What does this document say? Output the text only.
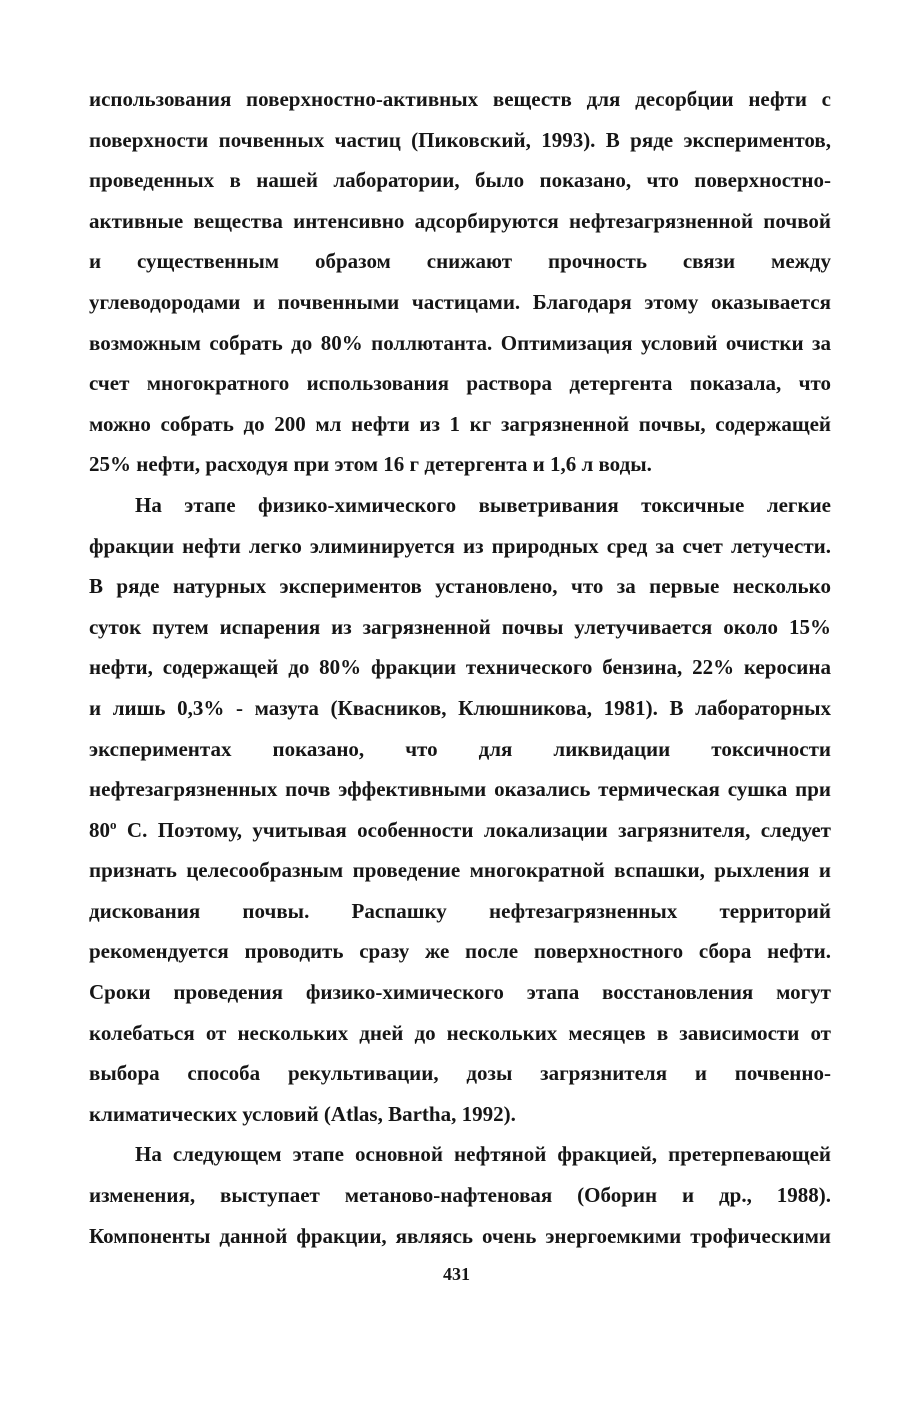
использования поверхностно-активных веществ для десорбции нефти с
поверхности почвенных частиц (Пиковский, 1993). В ряде экспериментов,
проведенных в нашей лаборатории, было показано, что поверхностно-
активные вещества интенсивно адсорбируются нефтезагрязненной почвой
и существенным образом снижают прочность связи между
углеводородами и почвенными частицами. Благодаря этому оказывается
возможным собрать до 80% поллютанта. Оптимизация условий очистки за
счет многократного использования раствора детергента показала, что
можно собрать до 200 мл нефти из 1 кг загрязненной почвы, содержащей
25% нефти, расходуя при этом 16 г детергента и 1,6 л воды.
На этапе физико-химического выветривания токсичные легкие
фракции нефти легко элиминируется из природных сред за счет летучести.
В ряде натурных экспериментов установлено, что за первые несколько
суток путем испарения из загрязненной почвы улетучивается около 15%
нефти, содержащей до 80% фракции технического бензина, 22% керосина
и лишь 0,3% - мазута (Квасников, Клюшникова, 1981). В лабораторных
экспериментах показано, что для ликвидации токсичности
нефтезагрязненных почв эффективными оказались термическая сушка при
$80^о$ С. Поэтому, учитывая особенности локализации загрязнителя, следует
признать целесообразным проведение многократной вспашки, рыхления и
дискования почвы. Распашку нефтезагрязненных территорий
рекомендуется проводить сразу же после поверхностного сбора нефти.
Сроки проведения физико-химического этапа восстановления могут
колебаться от нескольких дней до нескольких месяцев в зависимости от
выбора способа рекультивации, дозы загрязнителя и почвенно-
климатических условий (Atlas, Bartha, 1992).
На следующем этапе основной нефтяной фракцией, претерпевающей
изменения, выступает метаново-нафтеновая (Оборин и др., 1988).
Компоненты данной фракции, являясь очень энергоемкими трофическими
431
